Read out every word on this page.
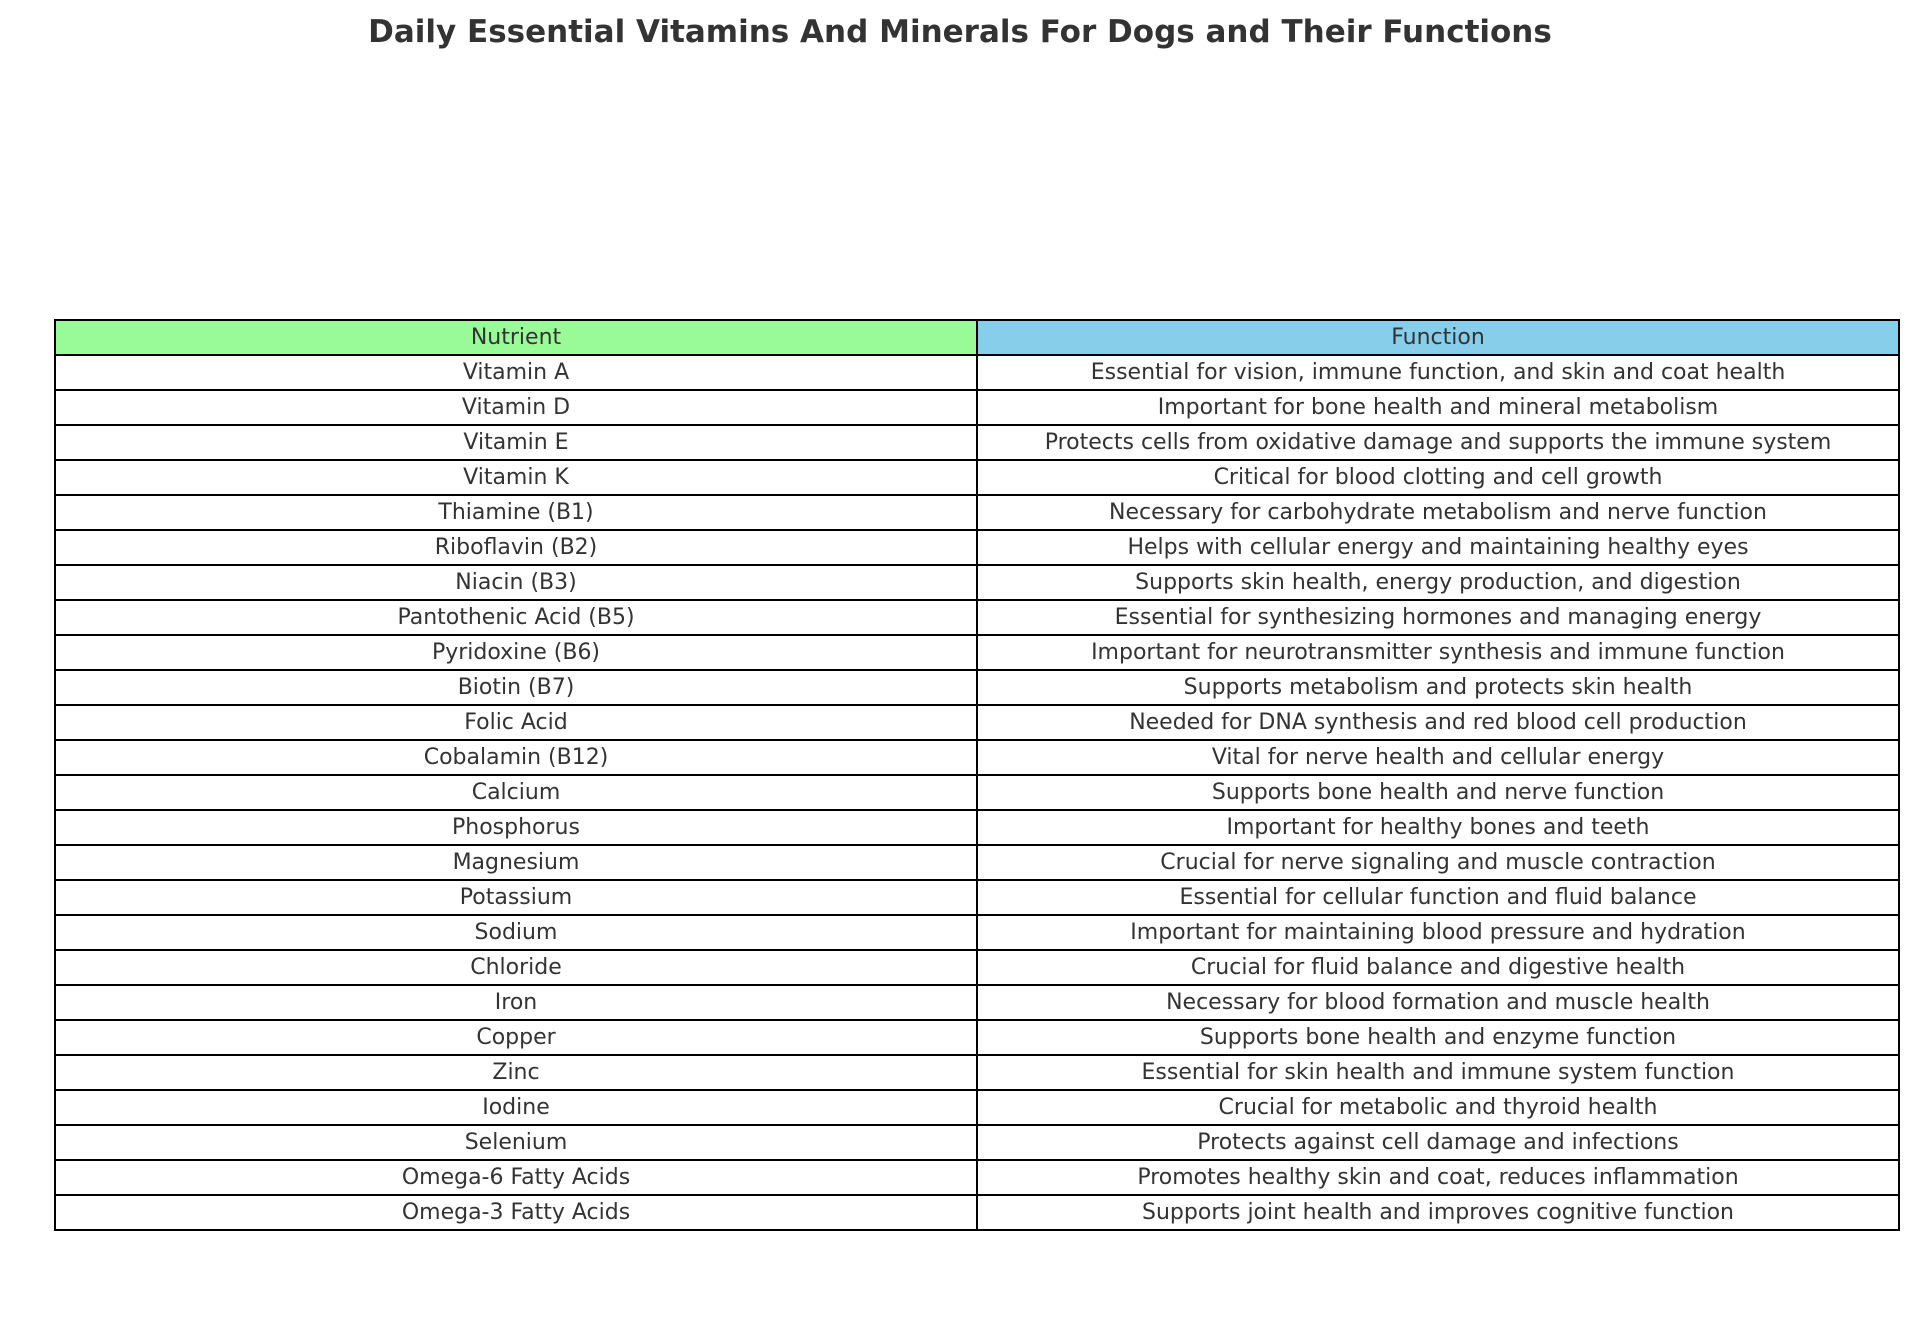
Daily Essential Vitamins And Minerals For Dogs and Their Functions
Nutrient	Function
Vitamin A	Essential for vision, immune function, and skin and coat health
Vitamin D	Important for bone health and mineral metabolism
Vitamin E	Protects cells from oxidative damage and supports the immune system
Vitamin K	Critical for blood clotting and cell growth
Thiamine (B1)	Necessary for carbohydrate metabolism and nerve function
Riboflavin (B2)	Helps with cellular energy and maintaining healthy eyes
Niacin (B3)	Supports skin health, energy production, and digestion
Pantothenic Acid (B5)	Essential for synthesizing hormones and managing energy
Pyridoxine (B6)	Important for neurotransmitter synthesis and immune function
Biotin (B7)	Supports metabolism and protects skin health
Folic Acid	Needed for DNA synthesis and red blood cell production
Cobalamin (B12)	Vital for nerve health and cellular energy
Calcium	Supports bone health and nerve function
Phosphorus	Important for healthy bones and teeth
Magnesium	Crucial for nerve signaling and muscle contraction
Potassium	Essential for cellular function and fluid balance
Sodium	Important for maintaining blood pressure and hydration
Chloride	Crucial for fluid balance and digestive health
Iron	Necessary for blood formation and muscle health
Copper	Supports bone health and enzyme function
Zinc	Essential for skin health and immune system function
Iodine	Crucial for metabolic and thyroid health
Selenium	Protects against cell damage and infections
Omega-6 Fatty Acids	Promotes healthy skin and coat, reduces inflammation
Omega-3 Fatty Acids	Supports joint health and improves cognitive function
